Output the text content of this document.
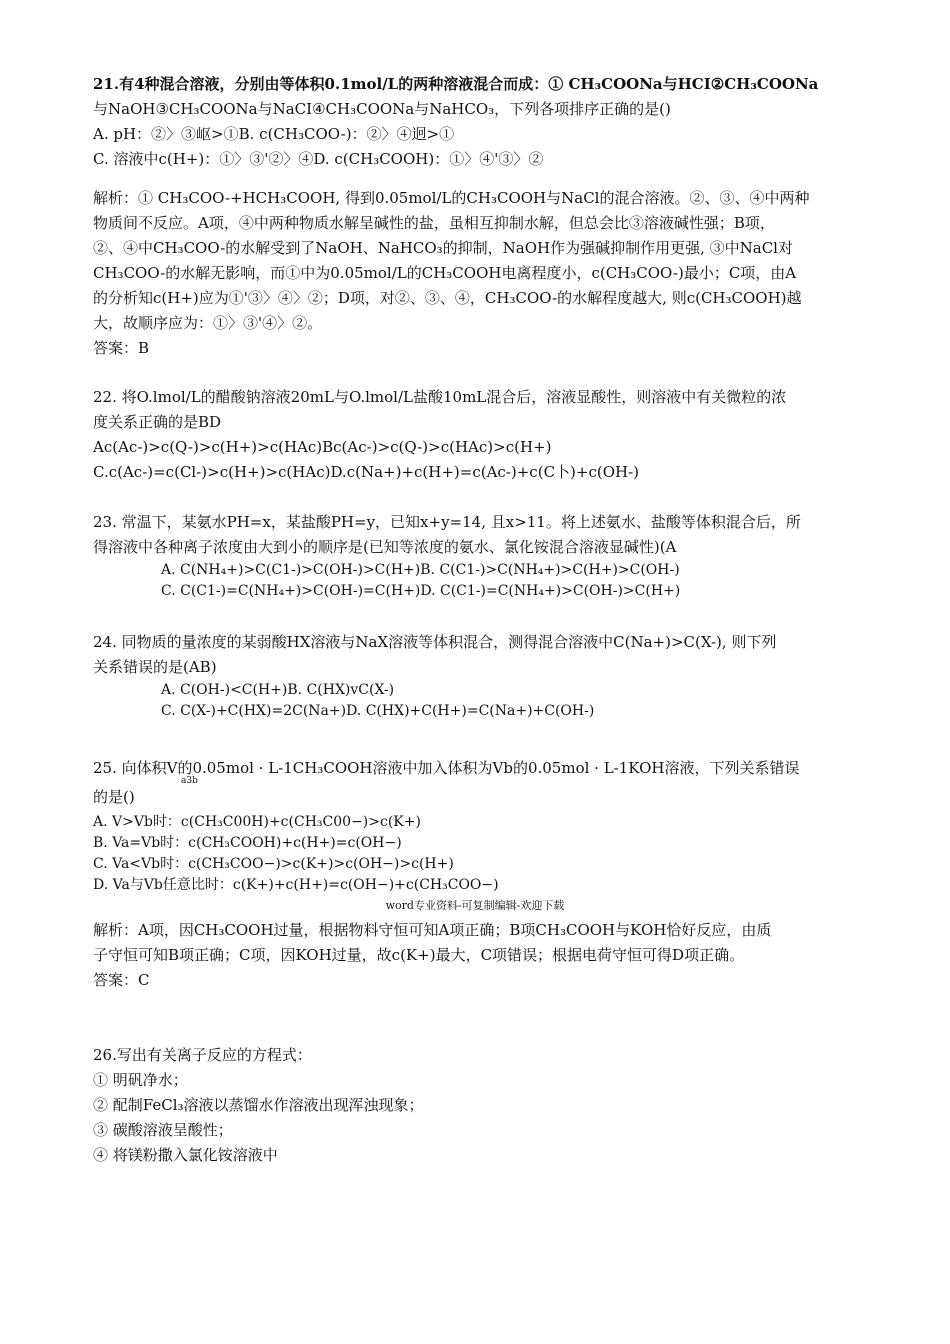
21.有4种混合溶液，分别由等体积0.1mol/L的两种溶液混合而成：① CH₃COONa与HCI②CH₃COONa
与NaOH③CH₃COONa与NaCI④CH₃COONa与NaHCO₃，下列各项排序正确的是()
A. pH：②〉③岖>①B. c(CH₃COO-)：②〉④迥>①
C. 溶液中c(H+)：①〉③'②〉④D. c(CH₃COOH)：①〉④'③〉②
解析：① CH₃COO-+HCH₃COOH, 得到0.05mol/L的CH₃COOH与NaCl的混合溶液。②、③、④中两种
物质间不反应。A项，④中两种物质水解呈碱性的盐，虽相互抑制水解，但总会比③溶液碱性强；B项，
②、④中CH₃COO-的水解受到了NaOH、NaHCO₃的抑制，NaOH作为强碱抑制作用更强, ③中NaCl对
CH₃COO-的水解无影响，而①中为0.05mol/L的CH₃COOH电离程度小，c(CH₃COO-)最小；C项，由A
的分析知c(H+)应为①'③〉④〉②；D项，对②、③、④，CH₃COO-的水解程度越大, 则c(CH₃COOH)越
大，故顺序应为：①〉③'④〉②。
答案：B
22. 将O.lmol/L的醋酸钠溶液20mL与O.lmol/L盐酸10mL混合后，溶液显酸性，则溶液中有关微粒的浓
度关系正确的是BD
Ac(Ac-)>c(Q-)>c(H+)>c(HAc)Bc(Ac-)>c(Q-)>c(HAc)>c(H+)
C.c(Ac-)=c(Cl-)>c(H+)>c(HAc)D.c(Na+)+c(H+)=c(Ac-)+c(C卜)+c(OH-)
23. 常温下，某氨水PH=x，某盐酸PH=y，已知x+y=14, 且x>11。将上述氨水、盐酸等体积混合后，所
得溶液中各种离子浓度由大到小的顺序是(已知等浓度的氨水、氯化铵混合溶液显碱性)(A
A. C(NH₄+)>C(C1-)>C(OH-)>C(H+)B. C(C1-)>C(NH₄+)>C(H+)>C(OH-)
C. C(C1-)=C(NH₄+)>C(OH-)=C(H+)D. C(C1-)=C(NH₄+)>C(OH-)>C(H+)
24. 同物质的量浓度的某弱酸HX溶液与NaX溶液等体积混合，测得混合溶液中C(Na+)>C(X-), 则下列
关系错误的是(AB)
A. C(OH-)<C(H+)B. C(HX)vC(X-)
C. C(X-)+C(HX)=2C(Na+)D. C(HX)+C(H+)=C(Na+)+C(OH-)
25. 向体积V的0.05mol · L-1CH₃COOH溶液中加入体积为Vb的0.05mol · L-1KOH溶液，下列关系错误
a3b
的是()
A. V>Vb时：c(CH₃C00H)+c(CH₃C00−)>c(K+)
B. Va=Vb时：c(CH₃COOH)+c(H+)=c(OH−)
C. Va<Vb时：c(CH₃COO−)>c(K+)>c(OH−)>c(H+)
D. Va与Vb任意比时：c(K+)+c(H+)=c(OH−)+c(CH₃COO−)
word专业资料-可复制编辑-欢迎下载
解析：A项，因CH₃COOH过量，根据物料守恒可知A项正确；B项CH₃COOH与KOH恰好反应，由质
子守恒可知B项正确；C项，因KOH过量，故c(K+)最大，C项错误；根据电荷守恒可得D项正确。
答案：C
26.写出有关离子反应的方程式：
① 明矾净水；
② 配制FeCl₃溶液以蒸馏水作溶液出现浑浊现象；
③ 碳酸溶液呈酸性；
④ 将镁粉撒入氯化铵溶液中
